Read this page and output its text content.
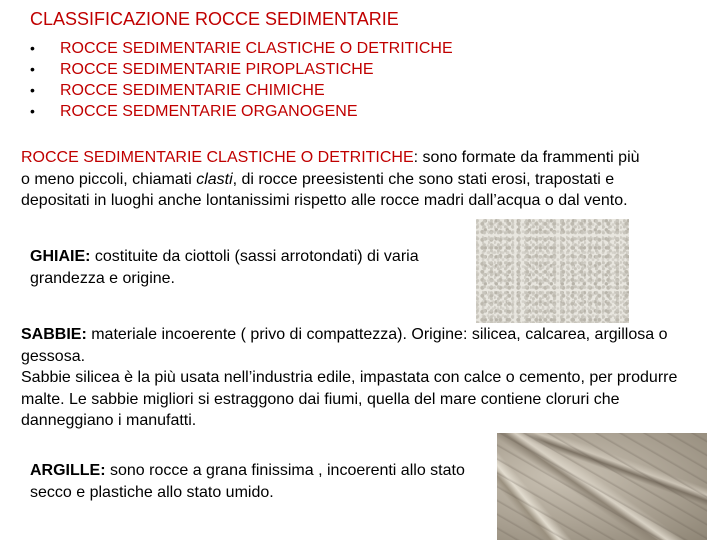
CLASSIFICAZIONE ROCCE SEDIMENTARIE
• ROCCE SEDIMENTARIE CLASTICHE O DETRITICHE
• ROCCE SEDIMENTARIE PIROPLASTICHE
• ROCCE SEDIMENTARIE CHIMICHE
• ROCCE SEDMENTARIE ORGANOGENE
ROCCE SEDIMENTARIE CLASTICHE O DETRITICHE: sono formate da frammenti più o meno piccoli, chiamati clasti, di rocce preesistenti che sono stati erosi, trapostati e depositati in luoghi anche lontanissimi rispetto alle rocce madri dall’acqua o dal vento.
GHIAIE: costituite da ciottoli (sassi arrotondati) di varia grandezza e origine.
SABBIE: materiale incoerente ( privo di compattezza). Origine: silicea, calcarea, argillosa o gessosa.
Sabbie silicea è la più usata nell’industria edile, impastata con calce o cemento, per produrre malte. Le sabbie migliori si estraggono dai fiumi, quella del mare contiene cloruri che danneggiano i manufatti.
ARGILLE: sono rocce a grana finissima , incoerenti allo stato secco e plastiche allo stato umido.
